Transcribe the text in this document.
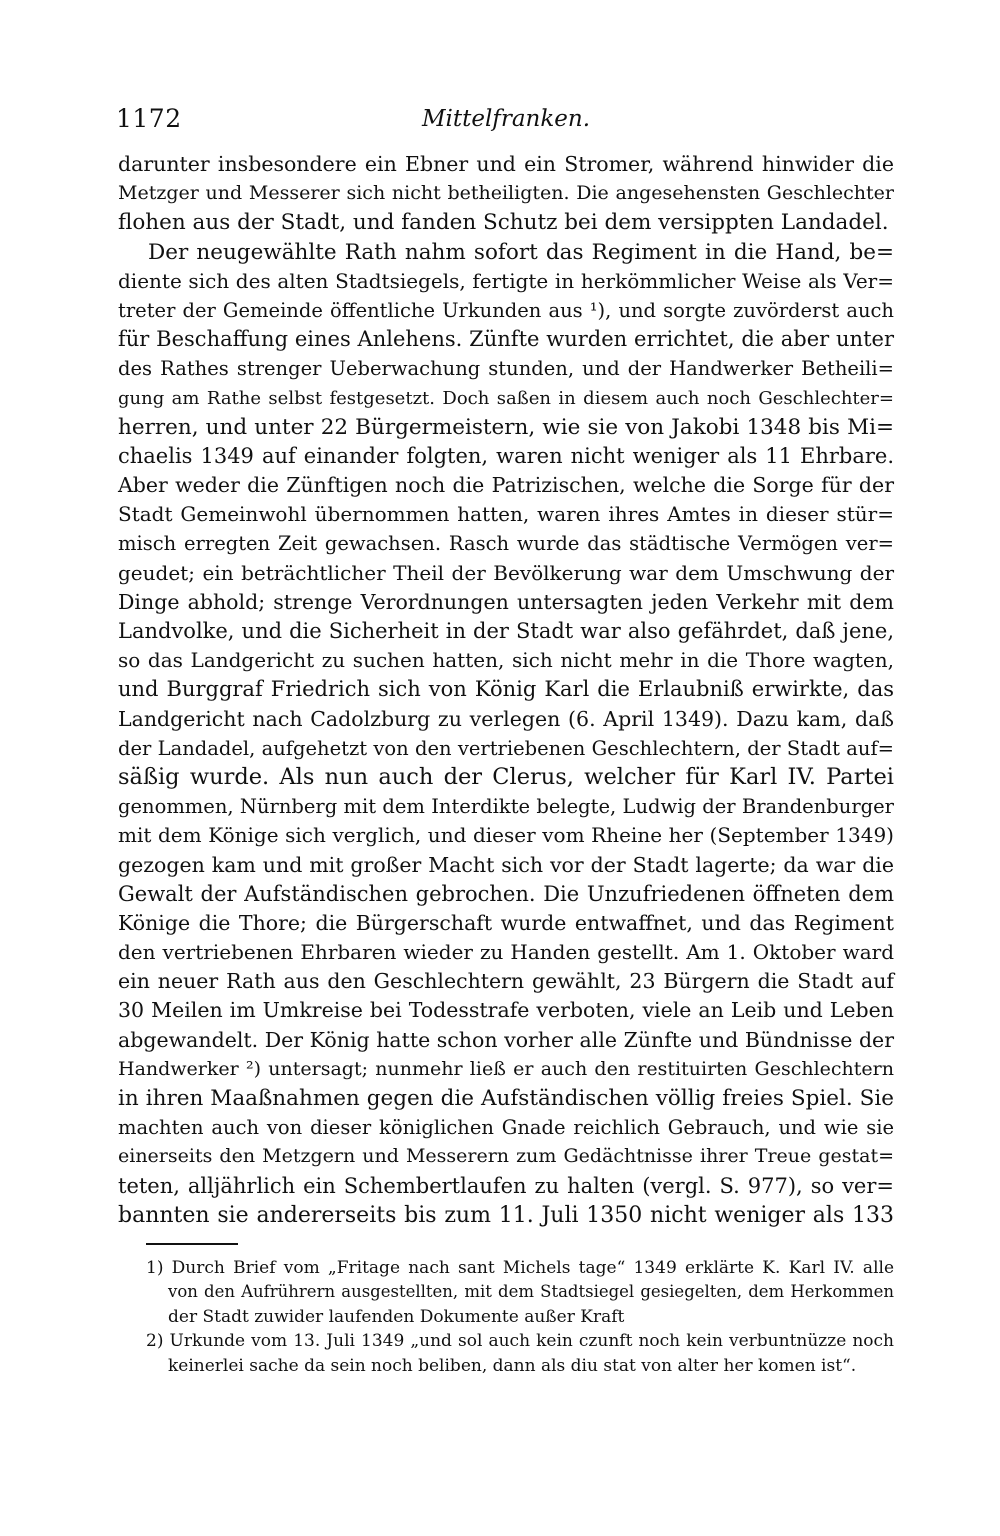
1172	Mittelfranken.
darunter insbesondere ein Ebner und ein Stromer, während hinwider die
Metzger und Messerer sich nicht betheiligten. Die angesehensten Geschlechter
flohen aus der Stadt, und fanden Schutz bei dem versippten Landadel.
Der neugewählte Rath nahm sofort das Regiment in die Hand, be=
diente sich des alten Stadtsiegels, fertigte in herkömmlicher Weise als Ver=
treter der Gemeinde öffentliche Urkunden aus ¹), und sorgte zuvörderst auch
für Beschaffung eines Anlehens. Zünfte wurden errichtet, die aber unter
des Rathes strenger Ueberwachung stunden, und der Handwerker Betheili=
gung am Rathe selbst festgesetzt. Doch saßen in diesem auch noch Geschlechter=
herren, und unter 22 Bürgermeistern, wie sie von Jakobi 1348 bis Mi=
chaelis 1349 auf einander folgten, waren nicht weniger als 11 Ehrbare.
Aber weder die Zünftigen noch die Patrizischen, welche die Sorge für der
Stadt Gemeinwohl übernommen hatten, waren ihres Amtes in dieser stür=
misch erregten Zeit gewachsen. Rasch wurde das städtische Vermögen ver=
geudet; ein beträchtlicher Theil der Bevölkerung war dem Umschwung der
Dinge abhold; strenge Verordnungen untersagten jeden Verkehr mit dem
Landvolke, und die Sicherheit in der Stadt war also gefährdet, daß jene,
so das Landgericht zu suchen hatten, sich nicht mehr in die Thore wagten,
und Burggraf Friedrich sich von König Karl die Erlaubniß erwirkte, das
Landgericht nach Cadolzburg zu verlegen (6. April 1349). Dazu kam, daß
der Landadel, aufgehetzt von den vertriebenen Geschlechtern, der Stadt auf=
säßig wurde. Als nun auch der Clerus, welcher für Karl IV. Partei
genommen, Nürnberg mit dem Interdikte belegte, Ludwig der Brandenburger
mit dem Könige sich verglich, und dieser vom Rheine her (September 1349)
gezogen kam und mit großer Macht sich vor der Stadt lagerte; da war die
Gewalt der Aufständischen gebrochen. Die Unzufriedenen öffneten dem
Könige die Thore; die Bürgerschaft wurde entwaffnet, und das Regiment
den vertriebenen Ehrbaren wieder zu Handen gestellt. Am 1. Oktober ward
ein neuer Rath aus den Geschlechtern gewählt, 23 Bürgern die Stadt auf
30 Meilen im Umkreise bei Todesstrafe verboten, viele an Leib und Leben
abgewandelt. Der König hatte schon vorher alle Zünfte und Bündnisse der
Handwerker ²) untersagt; nunmehr ließ er auch den restituirten Geschlechtern
in ihren Maaßnahmen gegen die Aufständischen völlig freies Spiel. Sie
machten auch von dieser königlichen Gnade reichlich Gebrauch, und wie sie
einerseits den Metzgern und Messerern zum Gedächtnisse ihrer Treue gestat=
teten, alljährlich ein Schembertlaufen zu halten (vergl. S. 977), so ver=
bannten sie andererseits bis zum 11. Juli 1350 nicht weniger als 133
1) Durch Brief vom „Fritage nach sant Michels tage“ 1349 erklärte K. Karl IV. alle
von den Aufrührern ausgestellten, mit dem Stadtsiegel gesiegelten, dem Herkommen
der Stadt zuwider laufenden Dokumente außer Kraft
2) Urkunde vom 13. Juli 1349 „und sol auch kein czunft noch kein verbuntnüzze noch
keinerlei sache da sein noch beliben, dann als diu stat von alter her komen ist“.
